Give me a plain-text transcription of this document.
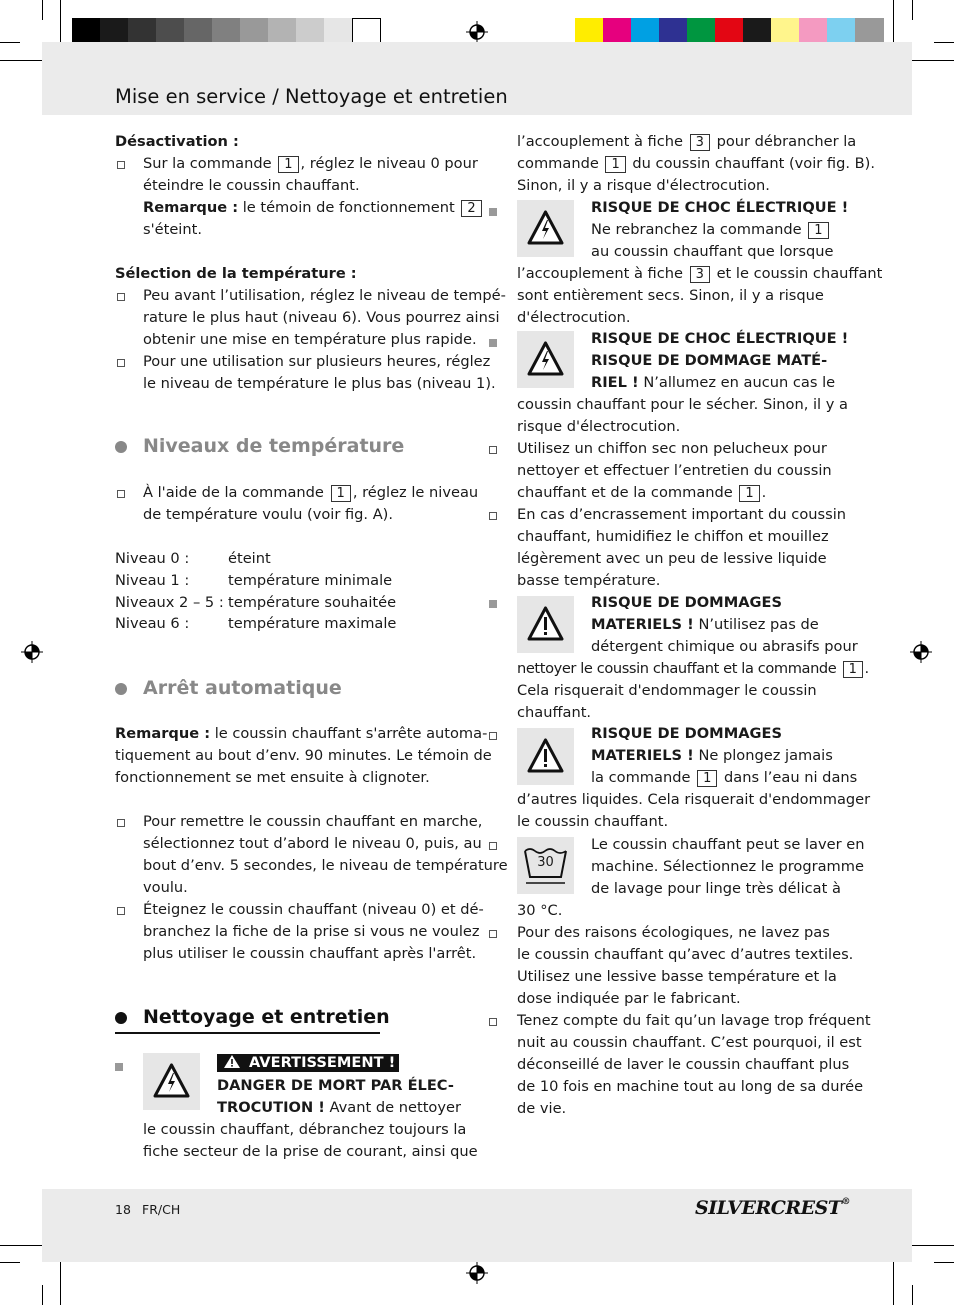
Mise en service / Nettoyage et entretien
Désactivation :
Sur la commande 1 , réglez le niveau 0 pour
éteindre le coussin chauffant.
Remarque : le témoin de fonctionnement 2
s'éteint.
Sélection de la température :
Peu avant l’utilisation, réglez le niveau de tempé-
rature le plus haut (niveau 6). Vous pourrez ainsi
obtenir une mise en température plus rapide.
Pour une utilisation sur plusieurs heures, réglez
le niveau de température le plus bas (niveau 1).
Niveaux de température
À l'aide de la commande 1 , réglez le niveau
de température voulu (voir fig. A).
Niveau 0 :	éteint
Niveau 1 :	température minimale
Niveaux 2 – 5 : température souhaitée
Niveau 6 :	température maximale
Arrêt automatique
Remarque : le coussin chauffant s'arrête automa-
tiquement au bout d’env. 90 minutes. Le témoin de
fonctionnement se met ensuite à clignoter.
Pour remettre le coussin chauffant en marche,
sélectionnez tout d’abord le niveau 0, puis, au
bout d’env. 5 secondes, le niveau de température
voulu.
Éteignez le coussin chauffant (niveau 0) et dé-
branchez la fiche de la prise si vous ne voulez
plus utiliser le coussin chauffant après l'arrêt.
Nettoyage et entretien
AVERTISSEMENT !
DANGER DE MORT PAR ÉLEC-
TROCUTION ! Avant de nettoyer
le coussin chauffant, débranchez toujours la
fiche secteur de la prise de courant, ainsi que
l’accouplement à fiche 3 pour débrancher la
commande 1 du coussin chauffant (voir fig. B).
Sinon, il y a risque d'électrocution.
RISQUE DE CHOC ÉLECTRIQUE !
Ne rebranchez la commande 1
au coussin chauffant que lorsque
l’accouplement à fiche 3 et le coussin chauffant
sont entièrement secs. Sinon, il y a risque
d'électrocution.
RISQUE DE CHOC ÉLECTRIQUE !
RISQUE DE DOMMAGE MATÉ-
RIEL ! N’allumez en aucun cas le
coussin chauffant pour le sécher. Sinon, il y a
risque d'électrocution.
Utilisez un chiffon sec non pelucheux pour
nettoyer et effectuer l’entretien du coussin
chauffant et de la commande 1 .
En cas d’encrassement important du coussin
chauffant, humidifiez le chiffon et mouillez
légèrement avec un peu de lessive liquide
basse température.
RISQUE DE DOMMAGES
MATERIELS ! N’utilisez pas de
détergent chimique ou abrasifs pour
nettoyer le coussin chauffant et la commande 1 .
Cela risquerait d'endommager le coussin
chauffant.
RISQUE DE DOMMAGES
MATERIELS ! Ne plongez jamais
la commande 1 dans l’eau ni dans
d’autres liquides. Cela risquerait d'endommager
le coussin chauffant.
30
Le coussin chauffant peut se laver en
machine. Sélectionnez le programme
de lavage pour linge très délicat à
30 °C.
Pour des raisons écologiques, ne lavez pas
le coussin chauffant qu’avec d’autres textiles.
Utilisez une lessive basse température et la
dose indiquée par le fabricant.
Tenez compte du fait qu’un lavage trop fréquent
nuit au coussin chauffant. C’est pourquoi, il est
déconseillé de laver le coussin chauffant plus
de 10 fois en machine tout au long de sa durée
de vie.
18 FR/CH	SILVERCREST®
